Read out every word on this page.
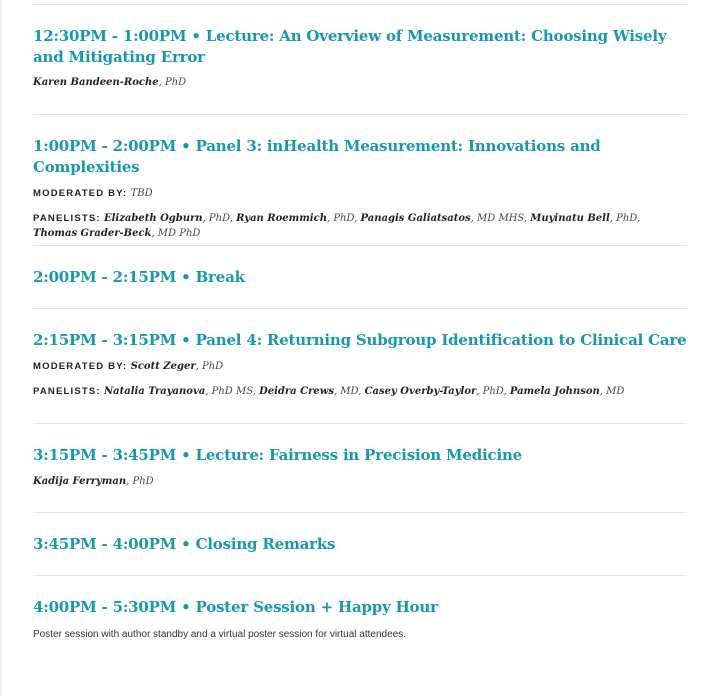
12:30PM - 1:00PM • Lecture: An Overview of Measurement: Choosing Wisely and Mitigating Error

Karen Bandeen-Roche, PhD

1:00PM - 2:00PM • Panel 3: inHealth Measurement: Innovations and Complexities

MODERATED BY: TBD

PANELISTS: Elizabeth Ogburn, PhD, Ryan Roemmich, PhD, Panagis Galiatsatos, MD MHS, Muyinatu Bell, PhD, Thomas Grader-Beck, MD PhD

2:00PM - 2:15PM • Break

2:15PM - 3:15PM • Panel 4: Returning Subgroup Identification to Clinical Care

MODERATED BY: Scott Zeger, PhD

PANELISTS: Natalia Trayanova, PhD MS, Deidra Crews, MD, Casey Overby-Taylor, PhD, Pamela Johnson, MD

3:15PM - 3:45PM • Lecture: Fairness in Precision Medicine

Kadija Ferryman, PhD

3:45PM - 4:00PM • Closing Remarks

4:00PM - 5:30PM • Poster Session + Happy Hour

Poster session with author standby and a virtual poster session for virtual attendees.
